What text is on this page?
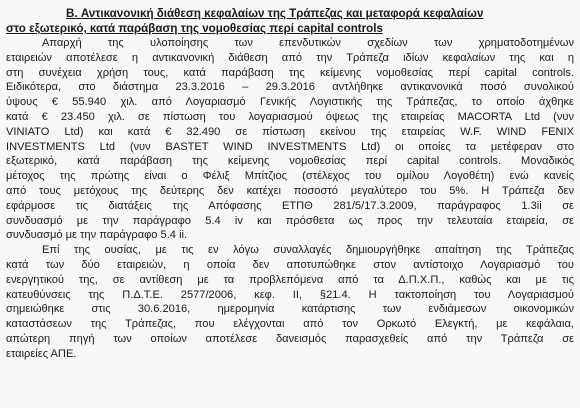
B. Αντικανονική διάθεση κεφαλαίων της Τράπεζας και μεταφορά κεφαλαίων
στο εξωτερικό, κατά παράβαση της νομοθεσίας περί capital controls
Απαρχή της υλοποίησης των επενδυτικών σχεδίων των χρηματοδοτημένων
εταιρειών αποτέλεσε η αντικανονική διάθεση από την Τράπεζα ιδίων κεφαλαίων της και η
στη συνέχεια χρήση τους, κατά παράβαση της κείμενης νομοθεσίας περί capital controls.
Ειδικότερα, στο διάστημα 23.3.2016 – 29.3.2016 αντλήθηκε αντικανονικά ποσό συνολικού
ύψους € 55.940 χιλ. από Λογαριασμό Γενικής Λογιστικής της Τράπεζας, το οποίο άχθηκε
κατά € 23.450 χιλ. σε πίστωση του λογαριασμού όψεως της εταιρείας MACORTA Ltd (νυν
VINIATO Ltd) και κατά € 32.490 σε πίστωση εκείνου της εταιρείας W.F. WIND FENIX
INVESTMENTS Ltd (νυν BASTET WIND INVESTMENTS Ltd) οι οποίες τα μετέφεραν στο
εξωτερικό, κατά παράβαση της κείμενης νομοθεσίας περί capital controls. Μοναδικός
μέτοχος της πρώτης είναι ο Φέλιξ Μπίτζιος (στέλεχος του ομίλου Λογοθέτη) ενώ κανείς
από τους μετόχους της δεύτερης δεν κατέχει ποσοστό μεγαλύτερο του 5%. Η Τράπεζα δεν
εφάρμοσε τις διατάξεις της Απόφασης ΕΤΠΘ 281/5/17.3.2009, παράγραφος 1.3ii σε
συνδυασμό με την παράγραφο 5.4 iv και πρόσθετα ως προς την τελευταία εταιρεία, σε
συνδυασμό με την παράγραφο 5.4 ii.
Επί της ουσίας, με τις εν λόγω συναλλαγές δημιουργήθηκε απαίτηση της Τράπεζας
κατά των δύο εταιρειών, η οποία δεν αποτυπώθηκε στον αντίστοιχο Λογαριασμό του
ενεργητικού της, σε αντίθεση με τα προβλεπόμενα από τα Δ.Π.Χ.Π., καθώς και με τις
κατευθύνσεις της Π.Δ.Τ.Ε. 2577/2006, κεφ. ΙΙ, §21.4. Η τακτοποίηση του Λογαριασμού
σημειώθηκε στις 30.6.2016, ημερομηνία κατάρτισης των ενδιάμεσων οικονομικών
καταστάσεων της Τράπεζας, που ελέγχονται από τον Ορκωτό Ελεγκτή, με κεφάλαια,
απώτερη πηγή των οποίων αποτέλεσε δανεισμός παρασχεθείς από την Τράπεζα σε
εταιρείες ΑΠΕ.
